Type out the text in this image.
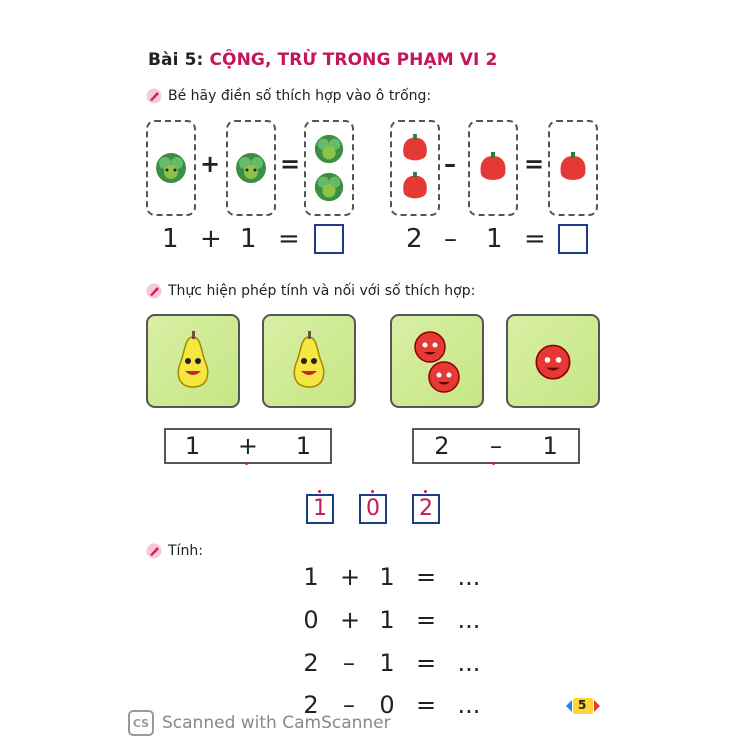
Bài 5: CỘNG, TRỪ TRONG PHẠM VI 2
Bé hãy điền số thích hợp vào ô trống:
+ =	–	=
1 + 1 =	2 – 1 =
Thực hiện phép tính và nối với số thích hợp:
1 + 1	2 – 1
1	0	2
Tính:
1 + 1 = ...
0 + 1 = ...
2 – 1 = ...
2 – 0 = ...
CS Scanned with CamScanner
5
